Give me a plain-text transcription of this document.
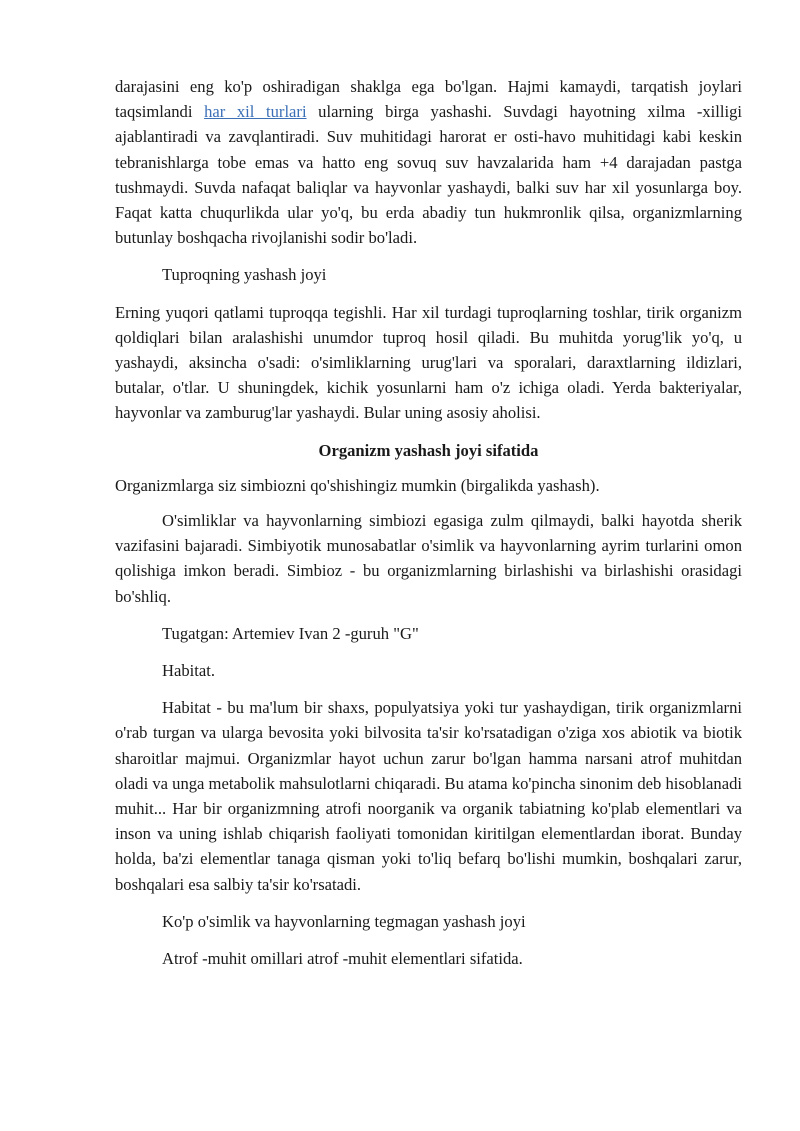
darajasini eng ko'p oshiradigan shaklga ega bo'lgan. Hajmi kamaydi, tarqatish joylari taqsimlandi har xil turlari ularning birga yashashi. Suvdagi hayotning xilma -xilligi ajablantiradi va zavqlantiradi. Suv muhitidagi harorat er osti-havo muhitidagi kabi keskin tebranishlarga tobe emas va hatto eng sovuq suv havzalarida ham +4 darajadan pastga tushmaydi. Suvda nafaqat baliqlar va hayvonlar yashaydi, balki suv har xil yosunlarga boy. Faqat katta chuqurlikda ular yo'q, bu erda abadiy tun hukmronlik qilsa, organizmlarning butunlay boshqacha rivojlanishi sodir bo'ladi.

Tuproqning yashash joyi

Erning yuqori qatlami tuproqqa tegishli. Har xil turdagi tuproqlarning toshlar, tirik organizm qoldiqlari bilan aralashishi unumdor tuproq hosil qiladi. Bu muhitda yorug'lik yo'q, u yashaydi, aksincha o'sadi: o'simliklarning urug'lari va sporalari, daraxtlarning ildizlari, butalar, o'tlar. U shuningdek, kichik yosunlarni ham o'z ichiga oladi. Yerda bakteriyalar, hayvonlar va zamburug'lar yashaydi. Bular uning asosiy aholisi.

Organizm yashash joyi sifatida

Organizmlarga siz simbiozni qo'shishingiz mumkin (birgalikda yashash).

O'simliklar va hayvonlarning simbiozi egasiga zulm qilmaydi, balki hayotda sherik vazifasini bajaradi. Simbiyotik munosabatlar o'simlik va hayvonlarning ayrim turlarini omon qolishiga imkon beradi. Simbioz - bu organizmlarning birlashishi va birlashishi orasidagi bo'shliq.

Tugatgan: Artemiev Ivan 2 -guruh "G"

Habitat.

Habitat - bu ma'lum bir shaxs, populyatsiya yoki tur yashaydigan, tirik organizmlarni o'rab turgan va ularga bevosita yoki bilvosita ta'sir ko'rsatadigan o'ziga xos abiotik va biotik sharoitlar majmui. Organizmlar hayot uchun zarur bo'lgan hamma narsani atrof muhitdan oladi va unga metabolik mahsulotlarni chiqaradi. Bu atama ko'pincha sinonim deb hisoblanadi muhit... Har bir organizmning atrofi noorganik va organik tabiatning ko'plab elementlari va inson va uning ishlab chiqarish faoliyati tomonidan kiritilgan elementlardan iborat. Bunday holda, ba'zi elementlar tanaga qisman yoki to'liq befarq bo'lishi mumkin, boshqalari zarur, boshqalari esa salbiy ta'sir ko'rsatadi.

Ko'p o'simlik va hayvonlarning tegmagan yashash joyi

Atrof -muhit omillari atrof -muhit elementlari sifatida.
